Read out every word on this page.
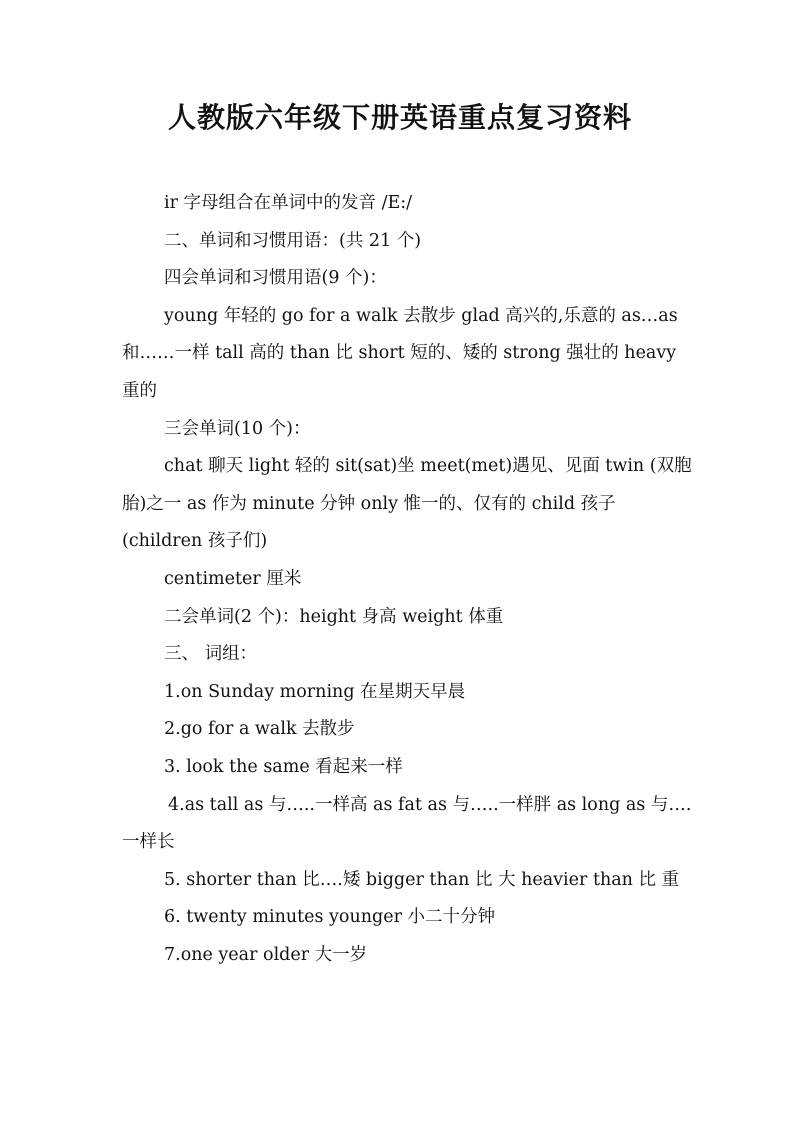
人教版六年级下册英语重点复习资料

ir 字母组合在单词中的发音 /E:/

二、单词和习惯用语：(共 21 个)

四会单词和习惯用语(9 个)：

young 年轻的 go for a walk 去散步 glad 高兴的,乐意的 as…as 和……一样 tall 高的 than 比 short 短的、矮的 strong 强壮的 heavy 重的

三会单词(10 个)：

chat 聊天 light 轻的 sit(sat)坐 meet(met)遇见、见面 twin (双胞胎)之一 as 作为 minute 分钟 only 惟一的、仅有的 child 孩子(children 孩子们)

centimeter 厘米

二会单词(2 个)：height 身高 weight 体重

三、 词组：

1.on Sunday morning 在星期天早晨

2.go for a walk 去散步

3. look the same 看起来一样

4.as tall as 与…..一样高 as fat as 与…..一样胖 as long as 与….一样长

5. shorter than 比….矮 bigger than 比 大 heavier than 比 重

6. twenty minutes younger 小二十分钟

7.one year older 大一岁
